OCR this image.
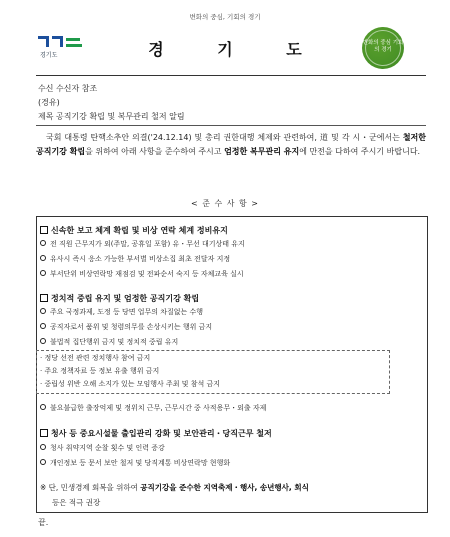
변화의 중심, 기회의 경기
경기도	경 기 도	변화의 중심 기회의 경기
수신 수신자 참조
(경유)
제목 공직기강 확립 및 복무관리 철저 알림
국회 대통령 탄핵소추안 의결('24.12.14) 및 총리 권한대행 체제와 관련하여, 道 및 각 시・군에서는 철저한 공직기강 확립을 위하여 아래 사항을 준수하여 주시고 엄정한 복무관리 유지에 만전을 다하여 주시기 바랍니다.
< 준 수 사 항 >
신속한 보고 체계 확립 및 비상 연락 체계 정비유지
전 직원 근무지가 외(주말, 공휴일 포함) 유・무선 대기상태 유지
유사시 즉시 응소 가능한 부서별 비상소집 최초 전달자 지정
부서단위 비상연락망 재점검 및 전파순서 숙지 등 자체교육 실시
정치적 중립 유지 및 엄정한 공직기강 확립
주요 국정과제, 도정 등 당면 업무의 차질없는 수행
공직자로서 품위 및 청렴의무를 손상시키는 행위 금지
불법적 집단행위 금지 및 정치적 중립 유지
· 정당 선전 관련 정치행사 참여 금지
· 주요 정책자료 등 정보 유출 행위 금지
· 중립성 위반 오해 소지가 있는 모임행사 주최 및 참석 금지
불요불급한 출장억제 및 정위치 근무, 근무시간 중 사적용무・외출 자제
청사 등 중요시설물 출입관리 강화 및 보안관리・당직근무 철저
청사 취약지역 순찰 횟수 및 인력 증강
개인정보 등 문서 보안 철저 및 당직계통 비상연락망 현행화
※ 단, 민생경제 회복을 위하여 공직기강을 준수한 지역축제・행사, 송년행사, 회식
등은 적극 권장
끝.
